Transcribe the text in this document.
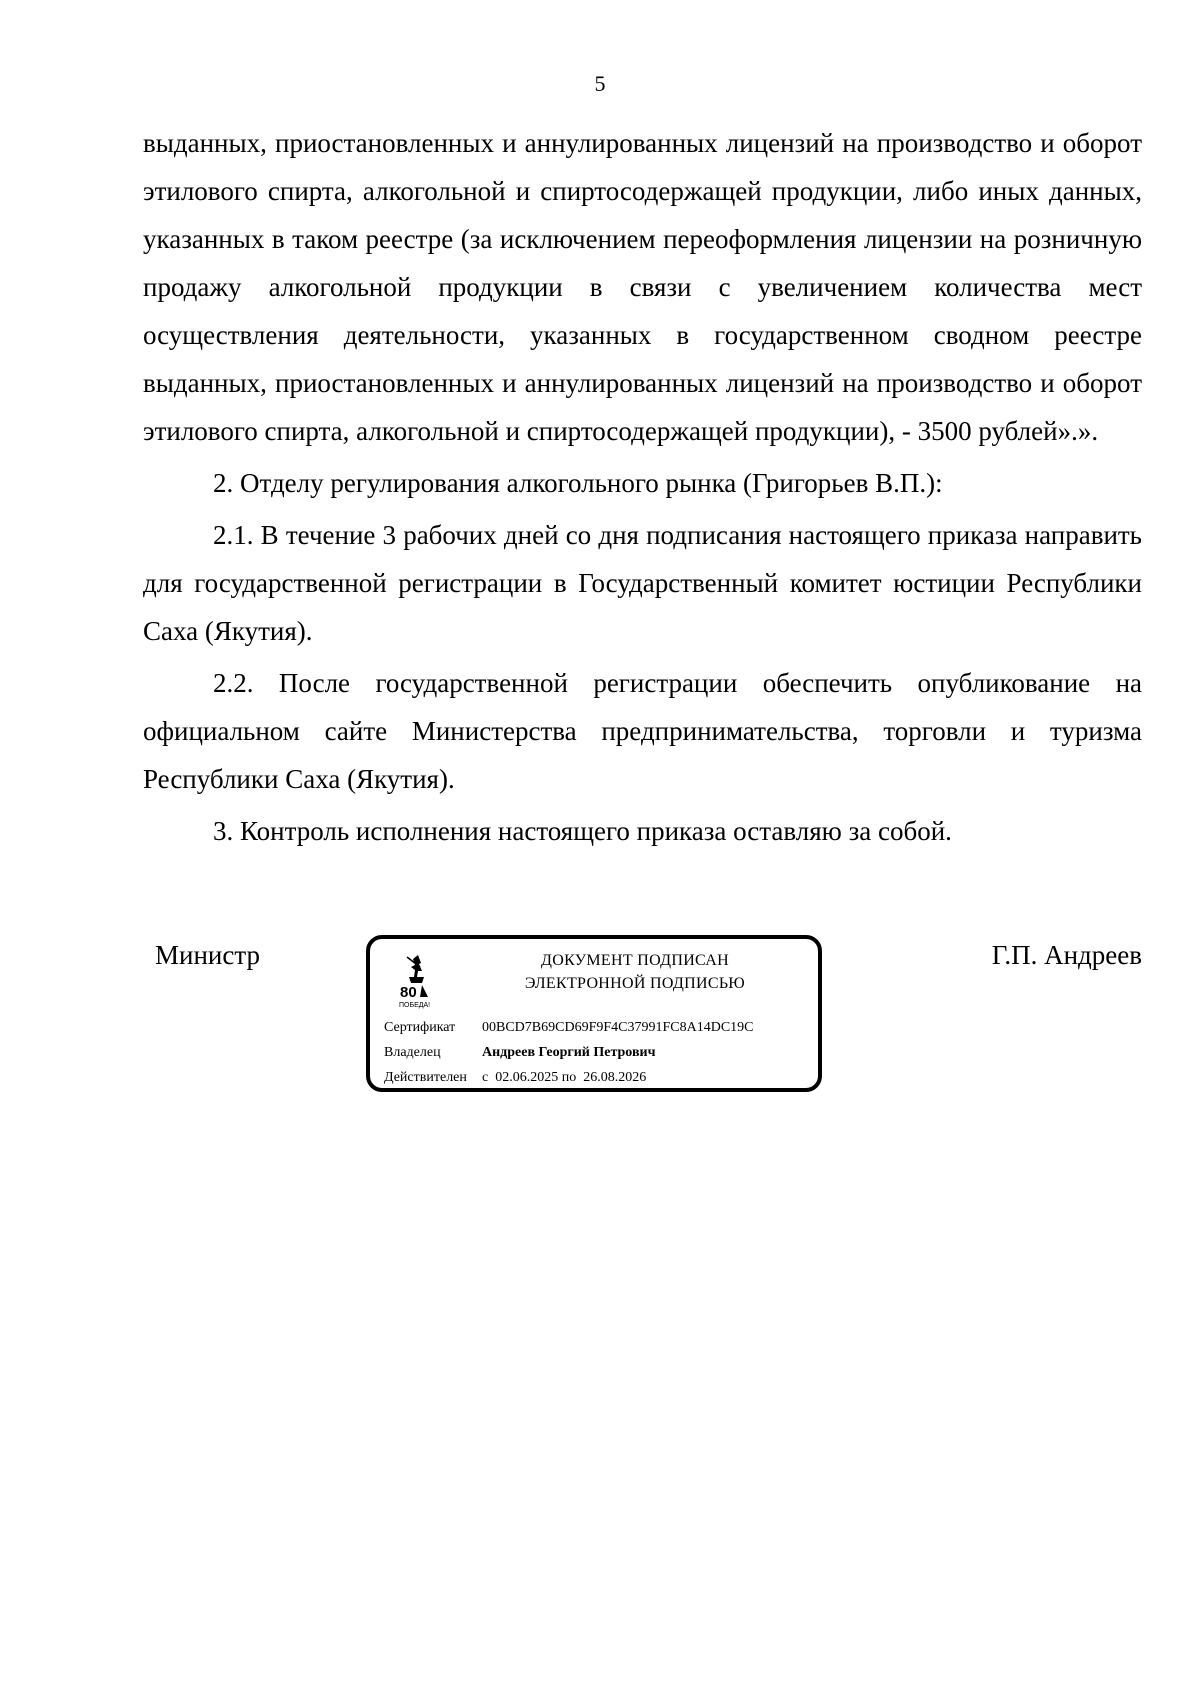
5

выданных, приостановленных и аннулированных лицензий на производство и оборот этилового спирта, алкогольной и спиртосодержащей продукции, либо иных данных, указанных в таком реестре (за исключением переоформления лицензии на розничную продажу алкогольной продукции в связи с увеличением количества мест осуществления деятельности, указанных в государственном сводном реестре выданных, приостановленных и аннулированных лицензий на производство и оборот этилового спирта, алкогольной и спиртосодержащей продукции), - 3500 рублей».».

2. Отделу регулирования алкогольного рынка (Григорьев В.П.):

2.1. В течение 3 рабочих дней со дня подписания настоящего приказа направить для государственной регистрации в Государственный комитет юстиции Республики Саха (Якутия).

2.2. После государственной регистрации обеспечить опубликование на официальном сайте Министерства предпринимательства, торговли и туризма Республики Саха (Якутия).

3. Контроль исполнения настоящего приказа оставляю за собой.

Министр	Г.П. Андреев
80
ПОБЕДА!
ДОКУМЕНТ ПОДПИСАН
ЭЛЕКТРОННОЙ ПОДПИСЬЮ
Сертификат 00BCD7B69CD69F9F4C37991FC8A14DC19C
Владелец	Андреев Георгий Петрович
Действителен с  02.06.2025 по  26.08.2026
